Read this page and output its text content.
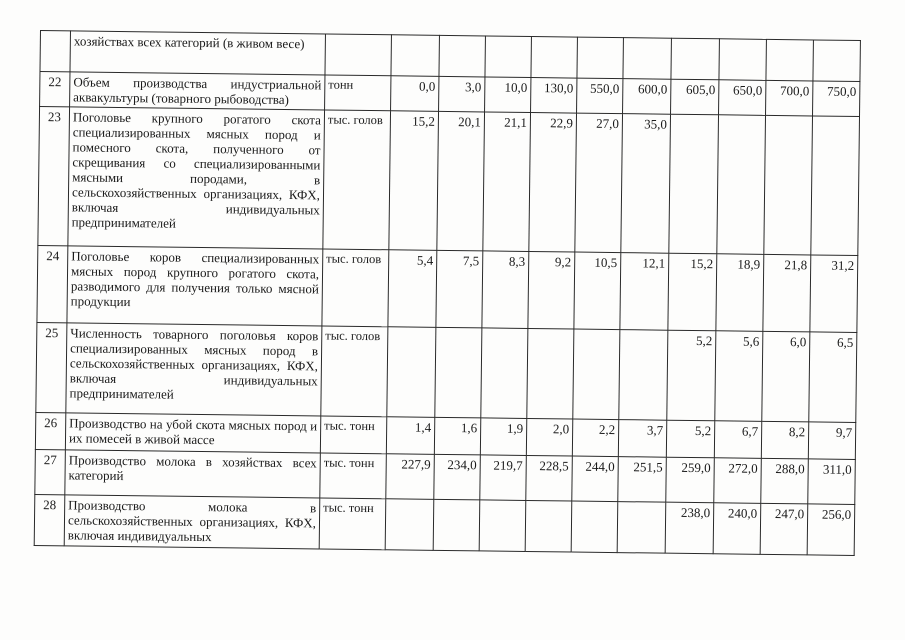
	хозяйствах всех категорий (в живом весе)											
22	Объем производства индустриальной аквакультуры (товарного рыбоводства)	тонн	0,0	3,0	10,0	130,0	550,0	600,0	605,0	650,0	700,0	750,0
23	Поголовье крупного рогатого скота специализированных мясных пород и помесного скота, полученного от скрещивания со специализированными мясными породами, в сельскохозяйственных организациях, КФХ, включая индивидуальных предпринимателей	тыс. голов	15,2	20,1	21,1	22,9	27,0	35,0				
24	Поголовье коров специализированных мясных пород крупного рогатого скота, разводимого для получения только мясной продукции	тыс. голов	5,4	7,5	8,3	9,2	10,5	12,1	15,2	18,9	21,8	31,2
25	Численность товарного поголовья коров специализированных мясных пород в сельскохозяйственных организациях, КФХ, включая индивидуальных предпринимателей	тыс. голов							5,2	5,6	6,0	6,5
26	Производство на убой скота мясных пород и их помесей в живой массе	тыс. тонн	1,4	1,6	1,9	2,0	2,2	3,7	5,2	6,7	8,2	9,7
27	Производство молока в хозяйствах всех категорий	тыс. тонн	227,9	234,0	219,7	228,5	244,0	251,5	259,0	272,0	288,0	311,0
28	Производство молока в сельскохозяйственных организациях, КФХ, включая индивидуальных	тыс. тонн							238,0	240,0	247,0	256,0
